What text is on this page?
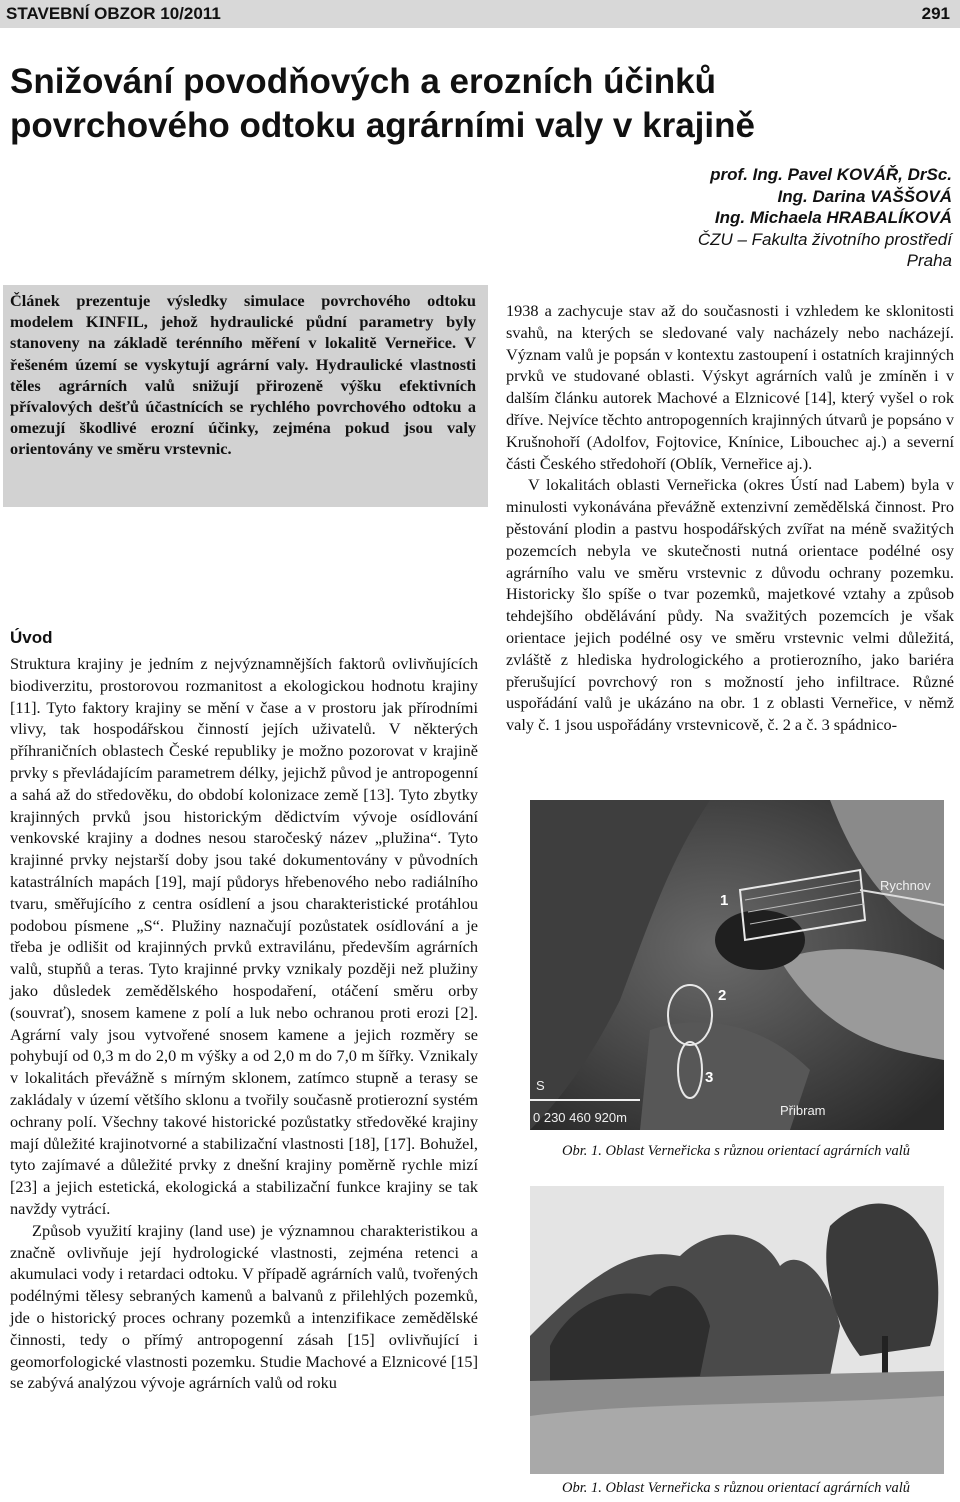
STAVEBNÍ OBZOR 10/2011	291
Snižování povodňových a erozních účinků povrchového odtoku agrárními valy v krajině
prof. Ing. Pavel KOVÁŘ, DrSc.
Ing. Darina VAŠŠOVÁ
Ing. Michaela HRABALÍKOVÁ
ČZU – Fakulta životního prostředí
Praha

Článek prezentuje výsledky simulace povrchového odtoku modelem KINFIL, jehož hydraulické půdní parametry byly stanoveny na základě terénního měření v lokalitě Verneřice. V řešeném území se vyskytují agrární valy. Hydraulické vlastnosti těles agrárních valů snižují přirozeně výšku efektivních přívalových dešťů účastnících se rychlého povrchového odtoku a omezují škodlivé erozní účinky, zejména pokud jsou valy orientovány ve směru vrstevnic.

Úvod

Struktura krajiny je jedním z nejvýznamnějších faktorů ovlivňujících biodiverzitu, prostorovou rozmanitost a ekologickou hodnotu krajiny [11]. Tyto faktory krajiny se mění v čase a v prostoru jak přírodními vlivy, tak hospodářskou činností jejích uživatelů. V některých příhraničních oblastech České republiky je možno pozorovat v krajině prvky s převládajícím parametrem délky, jejichž původ je antropogenní a sahá až do středověku, do období kolonizace země [13]. Tyto zbytky krajinných prvků jsou historickým dědictvím vývoje osídlování venkovské krajiny a dodnes nesou staročeský název „plužina“. Tyto krajinné prvky nejstarší doby jsou také dokumentovány v původních katastrálních mapách [19], mají půdorys hřebenového nebo radiálního tvaru, směřujícího z centra osídlení a jsou charakteristické protáhlou podobou písmene „S“. Plužiny naznačují pozůstatek osídlování a je třeba je odlišit od krajinných prvků extravilánu, především agrárních valů, stupňů a teras. Tyto krajinné prvky vznikaly později než plužiny jako důsledek zemědělského hospodaření, otáčení směru orby (souvrať), snosem kamene z polí a luk nebo ochranou proti erozi [2]. Agrární valy jsou vytvořené snosem kamene a jejich rozměry se pohybují od 0,3 m do 2,0 m výšky a od 2,0 m do 7,0 m šířky. Vznikaly v lokalitách převážně s mírným sklonem, zatímco stupně a terasy se zakládaly v území většího sklonu a tvořily současně protierozní systém ochrany polí. Všechny takové historické pozůstatky středověké krajiny mají důležité krajinotvorné a stabilizační vlastnosti [18], [17]. Bohužel, tyto zajímavé a důležité prvky z dnešní krajiny poměrně rychle mizí [23] a jejich estetická, ekologická a stabilizační funkce krajiny se tak navždy vytrácí.

Způsob využití krajiny (land use) je významnou charakteristikou a značně ovlivňuje její hydrologické vlastnosti, zejména retenci a akumulaci vody i retardaci odtoku. V případě agrárních valů, tvořených podélnými tělesy sebraných kamenů a balvanů z přilehlých pozemků, jde o historický proces ochrany pozemků a intenzifikace zemědělské činnosti, tedy o přímý antropogenní zásah [15] ovlivňující i geomorfologické vlastnosti pozemku. Studie Machové a Elznicové [15] se zabývá analýzou vývoje agrárních valů od roku

1938 a zachycuje stav až do současnosti i vzhledem ke sklonitosti svahů, na kterých se sledované valy nacházely nebo nacházejí. Význam valů je popsán v kontextu zastoupení i ostatních krajinných prvků ve studované oblasti. Výskyt agrárních valů je zmíněn i v dalším článku autorek Machové a Elznicové [14], který vyšel o rok dříve. Nejvíce těchto antropogenních krajinných útvarů je popsáno v Krušnohoří (Adolfov, Fojtovice, Knínice, Libouchec aj.) a severní části Českého středohoří (Oblík, Verneřice aj.).

V lokalitách oblasti Verneřicka (okres Ústí nad Labem) byla v minulosti vykonávána převážně extenzivní zemědělská činnost. Pro pěstování plodin a pastvu hospodářských zvířat na méně svažitých pozemcích nebyla ve skutečnosti nutná orientace podélné osy agrárního valu ve směru vrstevnic z důvodu ochrany pozemku. Historicky šlo spíše o tvar pozemků, majetkové vztahy a způsob tehdejšího obdělávání půdy. Na svažitých pozemcích je však orientace jejich podélné osy ve směru vrstevnic velmi důležitá, zvláště z hlediska hydrologického a protierozního, jako bariéra přerušující povrchový ron s možností jeho infiltrace. Různé uspořádání valů je ukázáno na obr. 1 z oblasti Verneřice, v němž valy č. 1 jsou uspořádány vrstevnicově, č. 2 a č. 3 spádnico-

1
2
3
Rychnov
Přibram
0 230 460 920m
S
Obr. 1. Oblast Verneřicka s různou orientací agrárních valů
Obr. 1. Oblast Verneřicka s různou orientací agrárních valů
